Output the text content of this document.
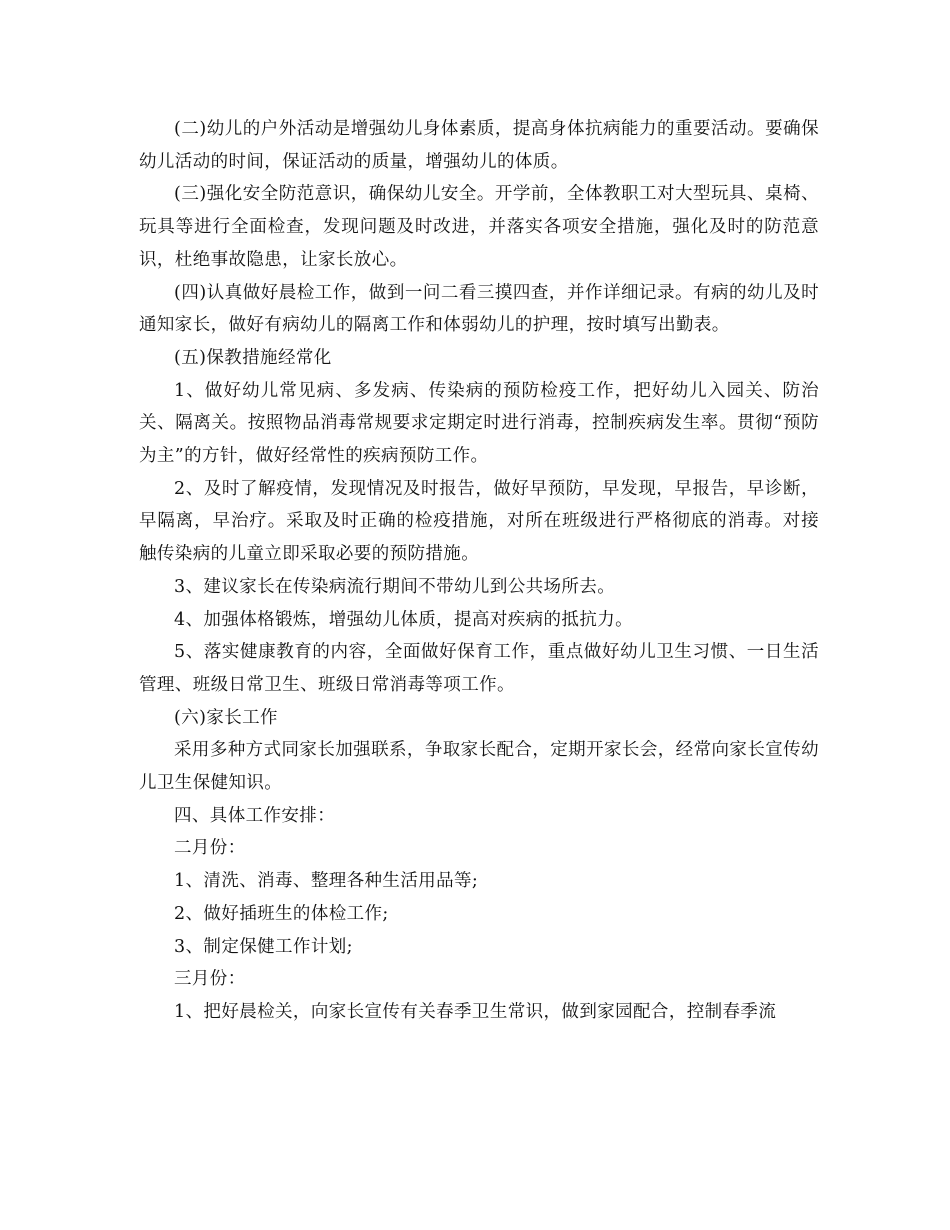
(二)幼儿的户外活动是增强幼儿身体素质，提高身体抗病能力的重要活动。要确保幼儿活动的时间，保证活动的质量，增强幼儿的体质。

(三)强化安全防范意识，确保幼儿安全。开学前，全体教职工对大型玩具、桌椅、玩具等进行全面检查，发现问题及时改进，并落实各项安全措施，强化及时的防范意识，杜绝事故隐患，让家长放心。

(四)认真做好晨检工作，做到一问二看三摸四查，并作详细记录。有病的幼儿及时通知家长，做好有病幼儿的隔离工作和体弱幼儿的护理，按时填写出勤表。

(五)保教措施经常化

1、做好幼儿常见病、多发病、传染病的预防检疫工作，把好幼儿入园关、防治关、隔离关。按照物品消毒常规要求定期定时进行消毒，控制疾病发生率。贯彻“预防为主”的方针，做好经常性的疾病预防工作。

2、及时了解疫情，发现情况及时报告，做好早预防，早发现，早报告，早诊断，早隔离，早治疗。采取及时正确的检疫措施，对所在班级进行严格彻底的消毒。对接触传染病的儿童立即采取必要的预防措施。

3、建议家长在传染病流行期间不带幼儿到公共场所去。

4、加强体格锻炼，增强幼儿体质，提高对疾病的抵抗力。

5、落实健康教育的内容，全面做好保育工作，重点做好幼儿卫生习惯、一日生活管理、班级日常卫生、班级日常消毒等项工作。

(六)家长工作

采用多种方式同家长加强联系，争取家长配合，定期开家长会，经常向家长宣传幼儿卫生保健知识。

四、具体工作安排：

二月份：

1、清洗、消毒、整理各种生活用品等;

2、做好插班生的体检工作;

3、制定保健工作计划;

三月份：

1、把好晨检关，向家长宣传有关春季卫生常识，做到家园配合，控制春季流
